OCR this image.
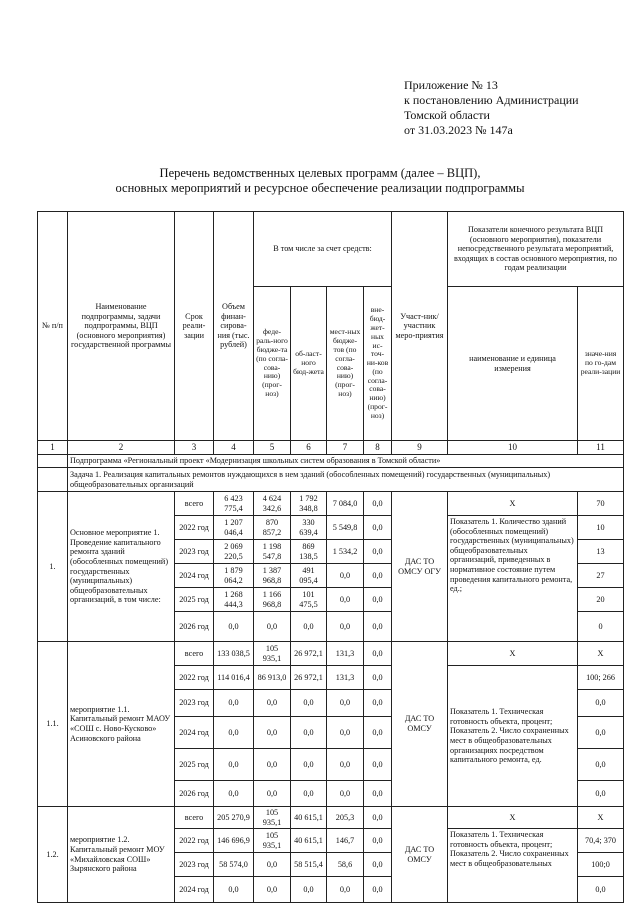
Приложение № 13
к постановлению Администрации
Томской области
от 31.03.2023 № 147а
Перечень ведомственных целевых программ (далее – ВЦП),
основных мероприятий и ресурсное обеспечение реализации подпрограммы
№ п/п	Наименование подпрограммы, задачи подпрограммы, ВЦП (основного мероприятия) государственной программы	Срок реали-зации	Объем финан-сирова-ния (тыс. рублей)	В том числе за счет средств:				Участ-ник/ участник меро-приятия	Показатели конечного результата ВЦП (основного мероприятия), показатели непосредственного результата мероприятий, входящих в состав основного мероприятия, по годам реализации	
				феде-раль-ного бюдже-та (по согла-сова-нию) (прог-ноз)	об-ласт-ного бюд-жета	мест-ных бюдже-тов (по согла-сова-нию) (прог-ноз)	вне-бюд-жет-ных ис-точ-ни-ков (по согла-сова-нию) (прог-ноз)		наименование и единица измерения	значе-ния по го-дам реали-зации
1	2	3	4	5	6	7	8	9	10	11
	Подпрограмма «Региональный проект «Модернизация школьных систем образования в Томской области»									
	Задача 1. Реализация капитальных ремонтов нуждающихся в нем зданий (обособленных помещений) государственных (муниципальных) общеобразовательных организаций									
1.	Основное мероприятие 1. Проведение капитального ремонта зданий (обособленных помещений) государственных (муниципальных) общеобразовательных организаций, в том числе:	всего	6 423 775,4	4 624 342,6	1 792 348,8	7 084,0	0,0	ДАС ТО ОМСУ ОГУ	Х	70
		2022 год	1 207 046,4	870 857,2	330 639,4	5 549,8	0,0		Показатель 1. Количество зданий (обособленных помещений) государственных (муниципальных) общеобразовательных организаций, приведенных в нормативное состояние путем проведения капитального ремонта, ед.;	10
		2023 год	2 069 220,5	1 198 547,8	869 138,5	1 534,2	0,0			13
		2024 год	1 879 064,2	1 387 968,8	491 095,4	0,0	0,0			27
		2025 год	1 268 444,3	1 166 968,8	101 475,5	0,0	0,0			20
		2026 год	0,0	0,0	0,0	0,0	0,0			0
1.1.	мероприятие 1.1. Капитальный ремонт МАОУ «СОШ с. Ново-Кусково» Асиновского района	всего	133 038,5	105 935,1	26 972,1	131,3	0,0	ДАС ТО ОМСУ	Х	Х
		2022 год	114 016,4	86 913,0	26 972,1	131,3	0,0		Показатель 1. Техническая готовность объекта, процент; Показатель 2. Число сохраненных мест в общеобразовательных организациях посредством капитального ремонта, ед.	100; 266
		2023 год	0,0	0,0	0,0	0,0	0,0			0,0
		2024 год	0,0	0,0	0,0	0,0	0,0			0,0
		2025 год	0,0	0,0	0,0	0,0	0,0			0,0
		2026 год	0,0	0,0	0,0	0,0	0,0			0,0
1.2.	мероприятие 1.2. Капитальный ремонт МОУ «Михайловская СОШ» Зырянского района	всего	205 270,9	105 935,1	40 615,1	205,3	0,0	ДАС ТО ОМСУ	Х	Х
		2022 год	146 696,9	105 935,1	40 615,1	146,7	0,0		Показатель 1. Техническая готовность объекта, процент; Показатель 2. Число сохраненных мест в общеобразовательных	70,4; 370
		2023 год	58 574,0	0,0	58 515,4	58,6	0,0			100;0
		2024 год	0,0	0,0	0,0	0,0	0,0			0,0
